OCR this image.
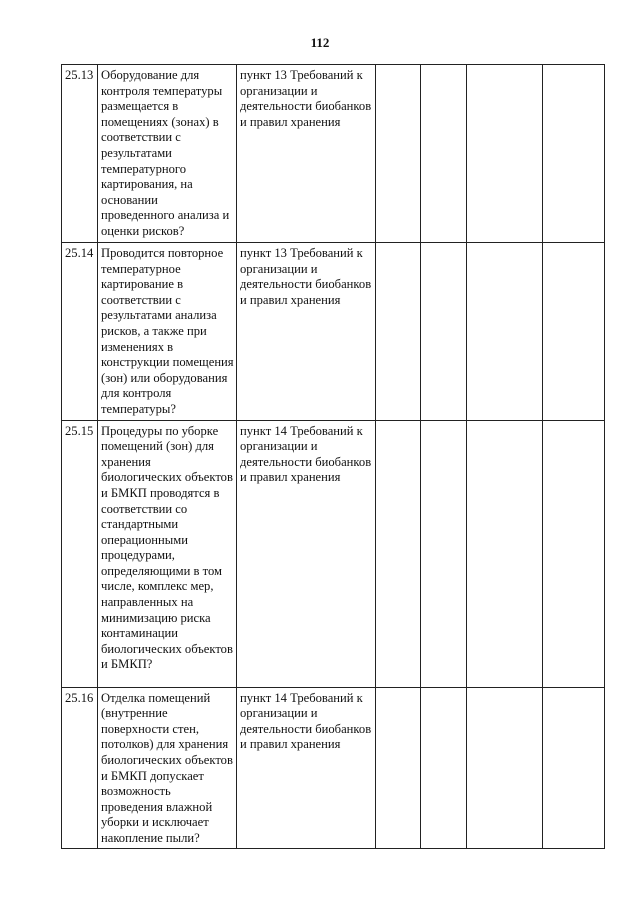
112
25.13	Оборудование для контроля температуры размещается в помещениях (зонах) в соответствии с результатами температурного картирования, на основании проведенного анализа и оценки рисков?	пункт 13 Требований к организации и деятельности биобанков и правил хранения				
25.14	Проводится повторное температурное картирование в соответствии с результатами анализа рисков, а также при изменениях в конструкции помещения (зон) или оборудования для контроля температуры?	пункт 13 Требований к организации и деятельности биобанков и правил хранения				
25.15	Процедуры по уборке помещений (зон) для хранения биологических объектов и БМКП проводятся в соответствии со стандартными операционными процедурами, определяющими в том числе, комплекс мер, направленных на минимизацию риска контаминации биологических объектов и БМКП?	пункт 14 Требований к организации и деятельности биобанков и правил хранения				
25.16	Отделка помещений (внутренние поверхности стен, потолков) для хранения биологических объектов и БМКП допускает возможность проведения влажной уборки и исключает накопление пыли?	пункт 14 Требований к организации и деятельности биобанков и правил хранения				
